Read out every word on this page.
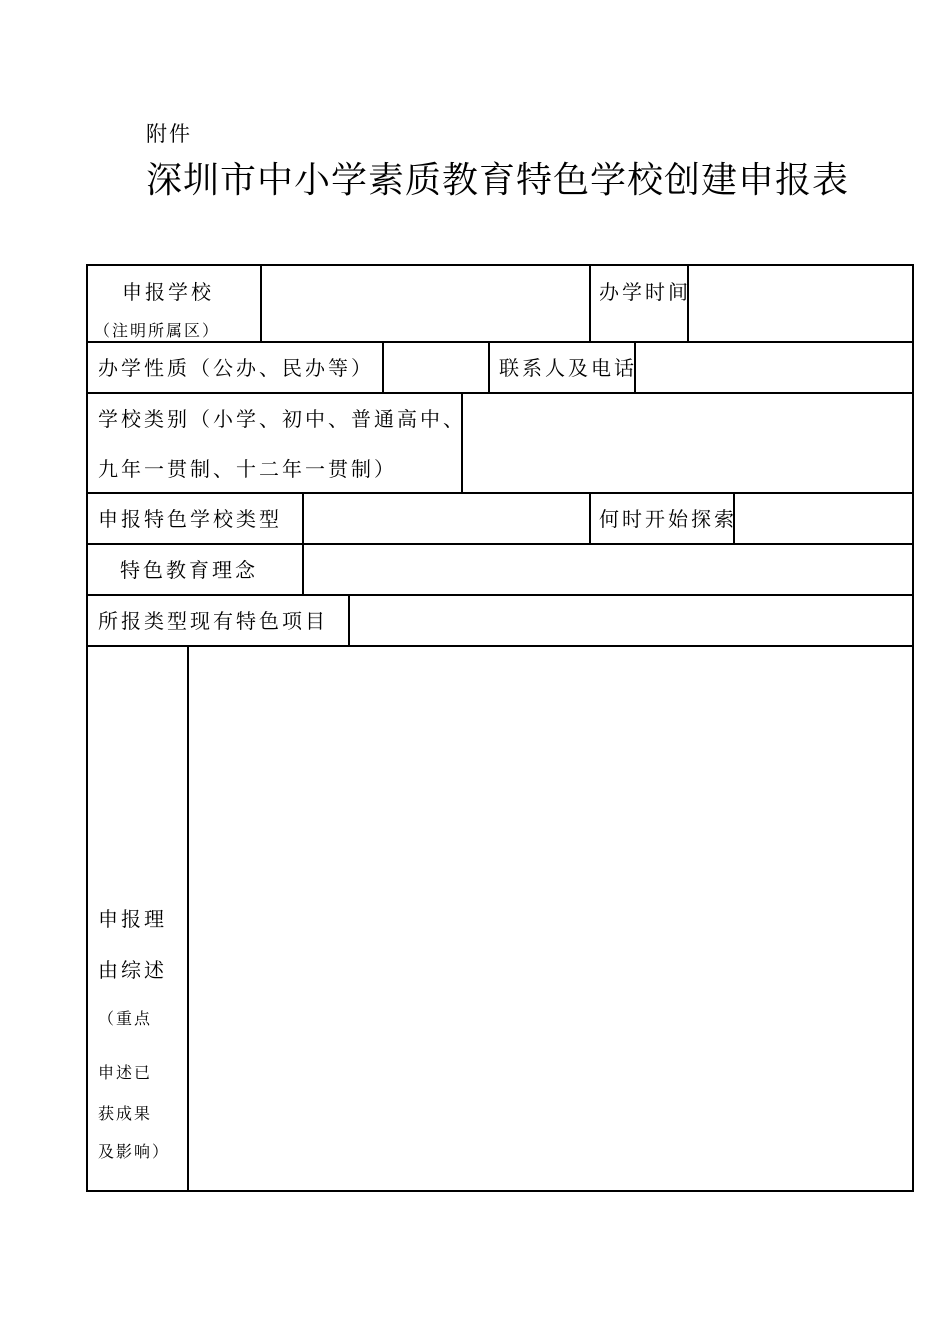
附件
深圳市中小学素质教育特色学校创建申报表
申报学校
（注明所属区）
办学时间
办学性质（公办、民办等）	联系人及电话
学校类别（小学、初中、普通高中、
九年一贯制、十二年一贯制）
申报特色学校类型	何时开始探索
特色教育理念
所报类型现有特色项目
申报理
由综述
（重点
申述已
获成果
及影响）
